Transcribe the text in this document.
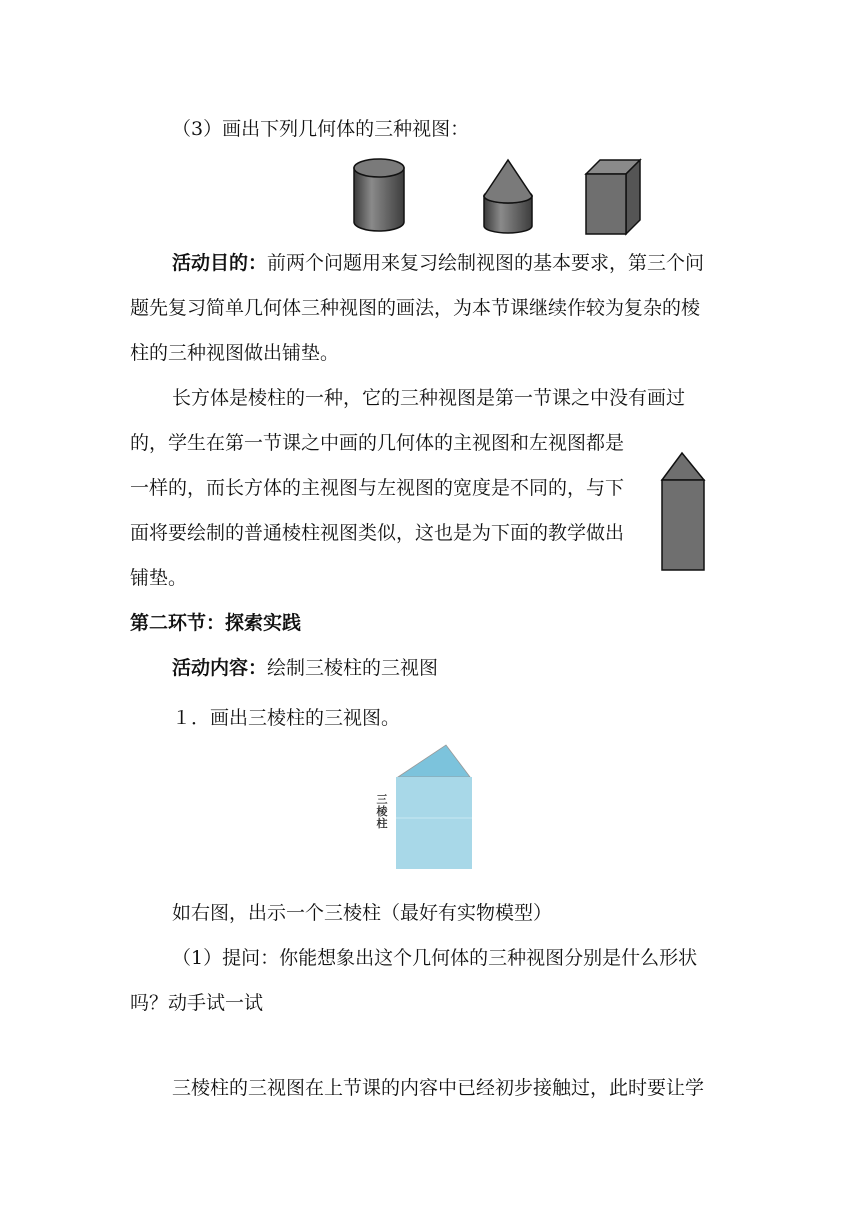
（3）画出下列几何体的三种视图：
活动目的：前两个问题用来复习绘制视图的基本要求，第三个问
题先复习简单几何体三种视图的画法，为本节课继续作较为复杂的棱
柱的三种视图做出铺垫。
长方体是棱柱的一种，它的三种视图是第一节课之中没有画过
的，学生在第一节课之中画的几何体的主视图和左视图都是
一样的，而长方体的主视图与左视图的宽度是不同的，与下
面将要绘制的普通棱柱视图类似，这也是为下面的教学做出
铺垫。
第二环节：探索实践
活动内容：绘制三棱柱的三视图
１．画出三棱柱的三视图。
三棱柱
如右图，出示一个三棱柱（最好有实物模型）
（1）提问：你能想象出这个几何体的三种视图分别是什么形状
吗？动手试一试
三棱柱的三视图在上节课的内容中已经初步接触过，此时要让学
